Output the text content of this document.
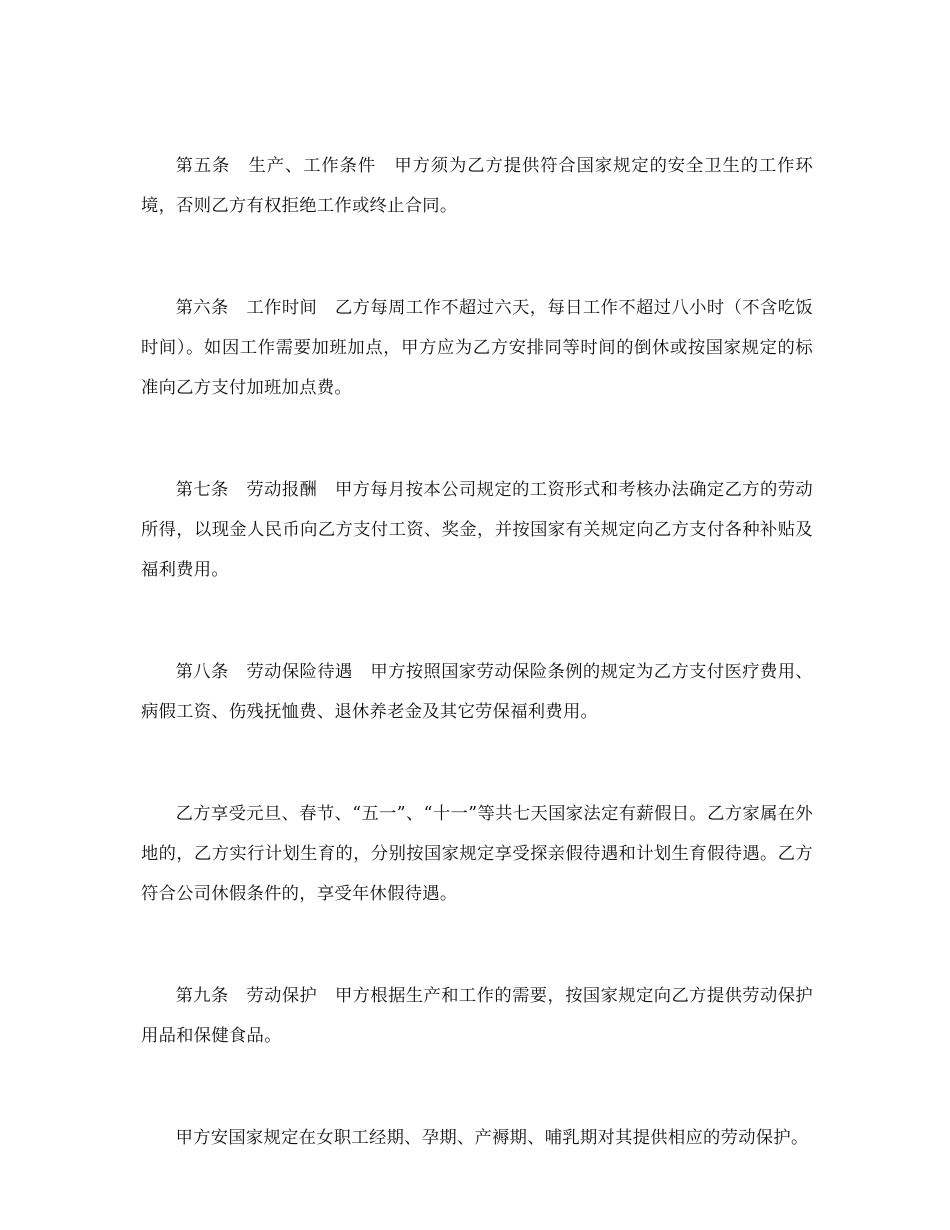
第五条　生产、工作条件　甲方须为乙方提供符合国家规定的安全卫生的工作环境，否则乙方有权拒绝工作或终止合同。

第六条　工作时间　乙方每周工作不超过六天，每日工作不超过八小时（不含吃饭时间）。如因工作需要加班加点，甲方应为乙方安排同等时间的倒休或按国家规定的标准向乙方支付加班加点费。

第七条　劳动报酬　甲方每月按本公司规定的工资形式和考核办法确定乙方的劳动所得，以现金人民币向乙方支付工资、奖金，并按国家有关规定向乙方支付各种补贴及福利费用。

第八条　劳动保险待遇　甲方按照国家劳动保险条例的规定为乙方支付医疗费用、病假工资、伤残抚恤费、退休养老金及其它劳保福利费用。

乙方享受元旦、春节、“五一”、“十一”等共七天国家法定有薪假日。乙方家属在外地的，乙方实行计划生育的，分别按国家规定享受探亲假待遇和计划生育假待遇。乙方符合公司休假条件的，享受年休假待遇。

第九条　劳动保护　甲方根据生产和工作的需要，按国家规定向乙方提供劳动保护用品和保健食品。

甲方安国家规定在女职工经期、孕期、产褥期、哺乳期对其提供相应的劳动保护。
